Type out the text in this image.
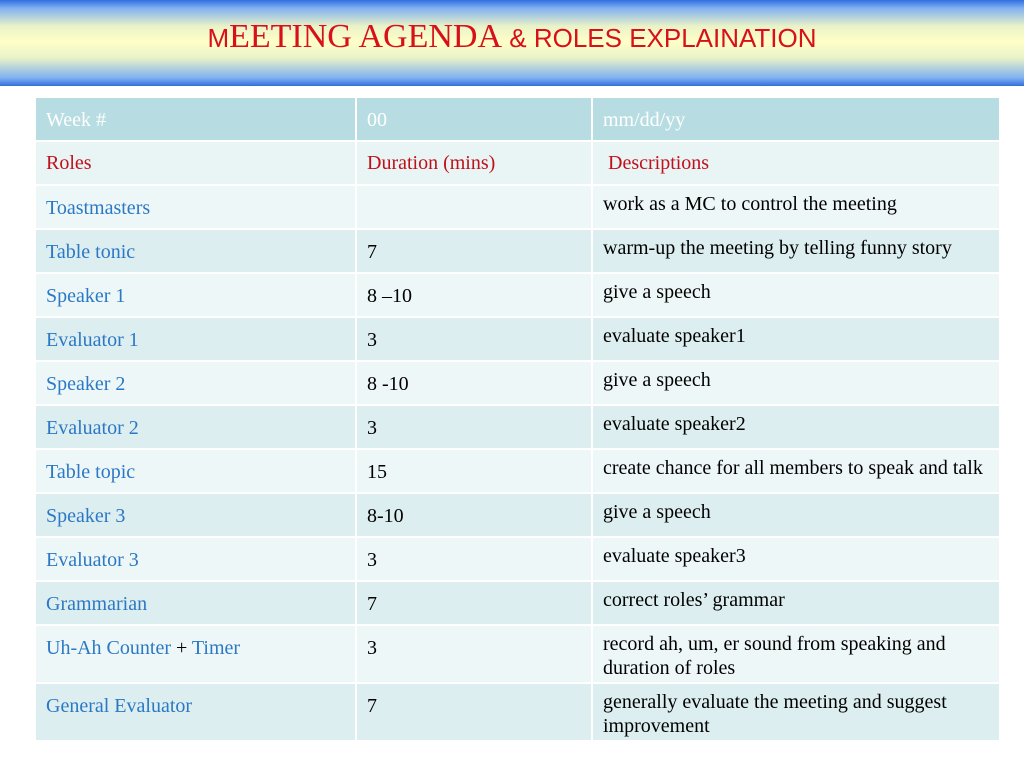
MEETING AGENDA & ROLES EXPLAINATION
Week #	00	mm/dd/yy
Roles	Duration (mins)	Descriptions
Toastmasters		work as a MC to control the meeting
Table tonic	7	warm-up the meeting by telling funny story
Speaker 1	8 –10	give a speech
Evaluator 1	3	evaluate speaker1
Speaker 2	8 -10	give a speech
Evaluator 2	3	evaluate speaker2
Table topic	15	create chance for all members to speak and talk
Speaker 3	8-10	give a speech
Evaluator 3	3	evaluate speaker3
Grammarian	7	correct roles’ grammar
Uh-Ah Counter + Timer	3	record ah, um, er sound from speaking and duration of roles
General Evaluator	7	generally evaluate the meeting and suggest improvement
